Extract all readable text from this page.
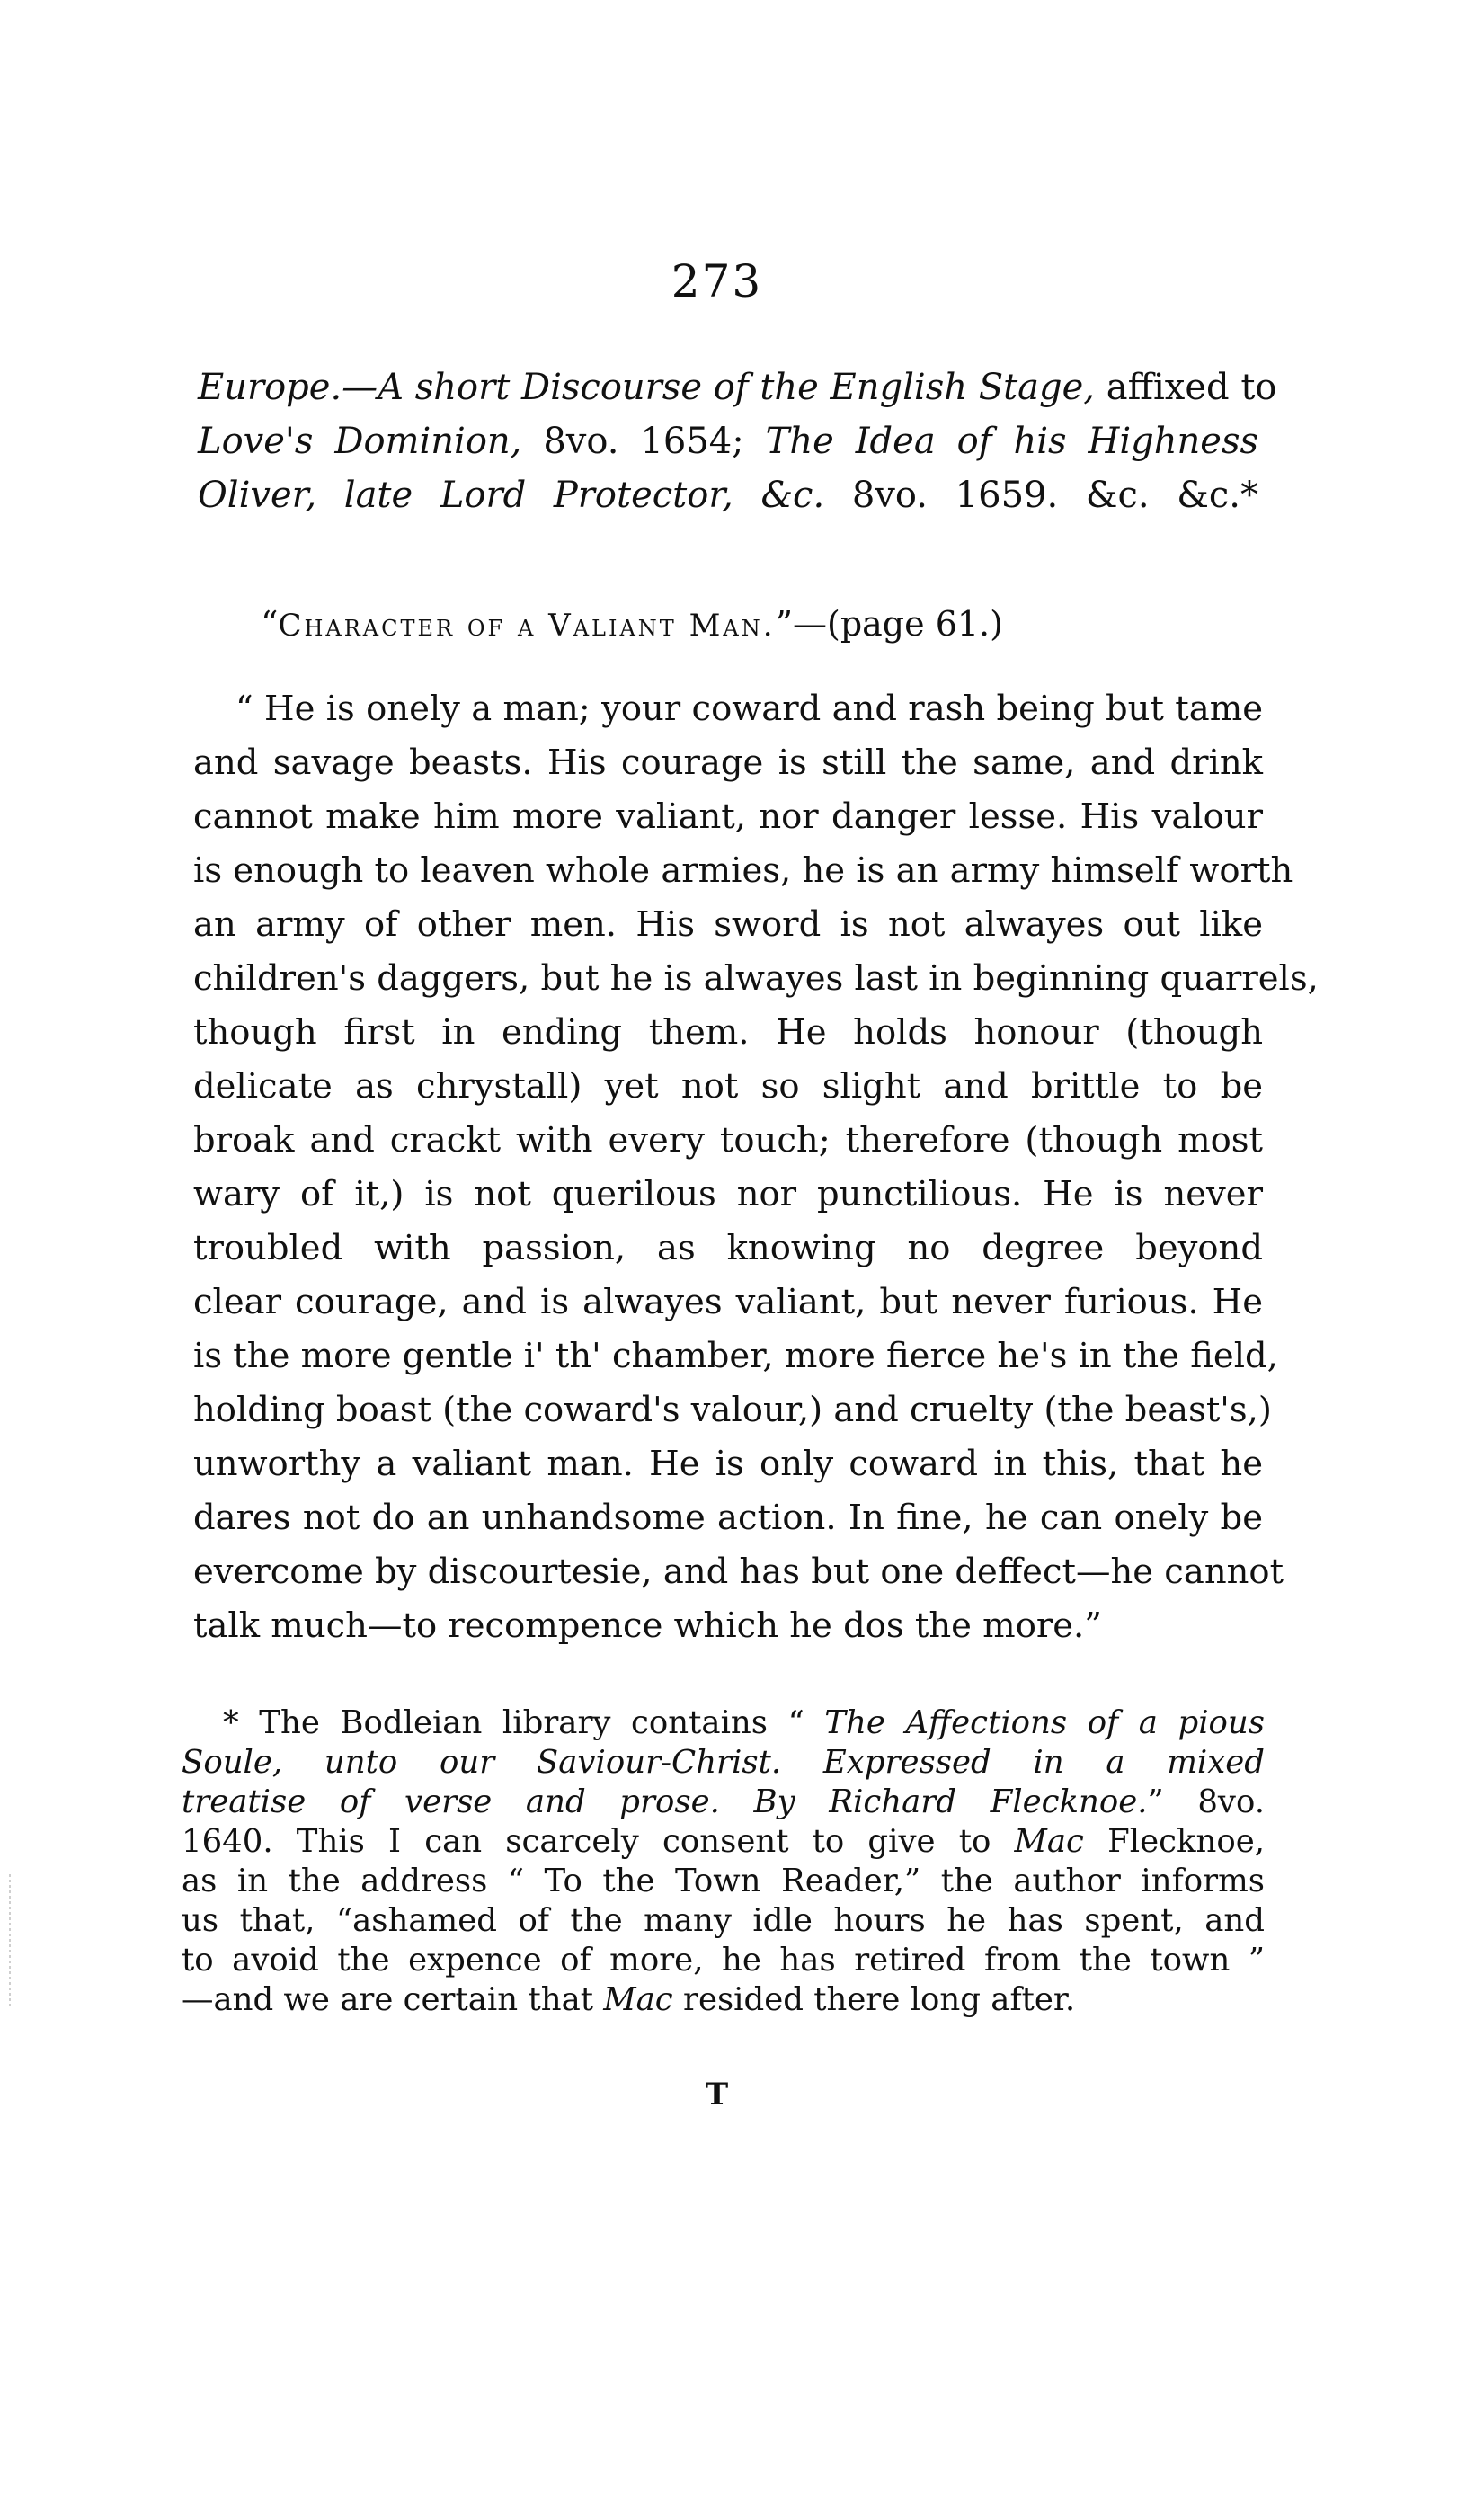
273
Europe.—A short Discourse of the English Stage, affixed to
Love's Dominion, 8vo. 1654; The Idea of his Highness
Oliver, late Lord Protector, &c. 8vo. 1659. &c. &c.*
“Character of a Valiant Man.”—(page 61.)
“ He is onely a man; your coward and rash being but tame
and savage beasts. His courage is still the same, and drink
cannot make him more valiant, nor danger lesse. His valour
is enough to leaven whole armies, he is an army himself worth
an army of other men. His sword is not alwayes out like
children's daggers, but he is alwayes last in beginning quarrels,
though first in ending them. He holds honour (though
delicate as chrystall) yet not so slight and brittle to be
broak and crackt with every touch; therefore (though most
wary of it,) is not querilous nor punctilious. He is never
troubled with passion, as knowing no degree beyond
clear courage, and is alwayes valiant, but never furious. He
is the more gentle i' th' chamber, more fierce he's in the field,
holding boast (the coward's valour,) and cruelty (the beast's,)
unworthy a valiant man. He is only coward in this, that he
dares not do an unhandsome action. In fine, he can onely be
evercome by discourtesie, and has but one deffect—he cannot
talk much—to recompence which he dos the more.”
* The Bodleian library contains “ The Affections of a pious
Soule, unto our Saviour-Christ. Expressed in a mixed
treatise of verse and prose. By Richard Flecknoe.” 8vo.
1640. This I can scarcely consent to give to Mac Flecknoe,
as in the address “ To the Town Reader,” the author informs
us that, “ashamed of the many idle hours he has spent, and
to avoid the expence of more, he has retired from the town ”
—and we are certain that Mac resided there long after.
T
